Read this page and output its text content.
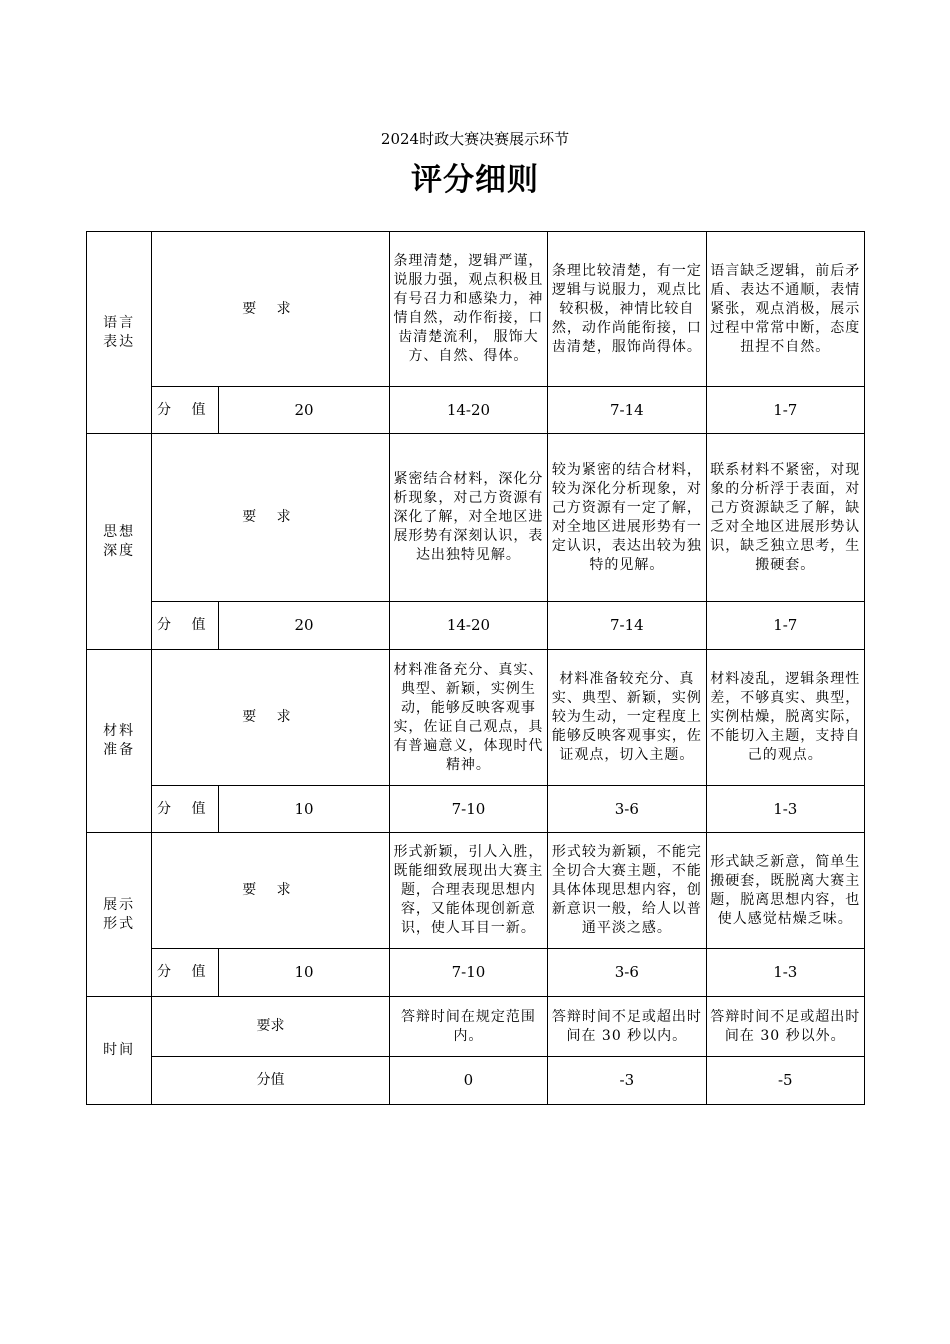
2024时政大赛决赛展示环节
评分细则
语言
表达	要 求		条理清楚，逻辑严谨，说服力强，观点积极且有号召力和感染力，神情自然，动作衔接，口齿清楚流利， 服饰大方、自然、得体。	条理比较清楚，有一定逻辑与说服力，观点比较积极，神情比较自然，动作尚能衔接，口齿清楚，服饰尚得体。	语言缺乏逻辑，前后矛盾、表达不通顺，表情紧张，观点消极，展示过程中常常中断，态度扭捏不自然。
	分 值	20	14-20	7-14	1-7
思想
深度	要 求		紧密结合材料，深化分析现象，对己方资源有深化了解，对全地区进展形势有深刻认识，表达出独特见解。	较为紧密的结合材料，较为深化分析现象，对己方资源有一定了解，对全地区进展形势有一定认识，表达出较为独特的见解。	联系材料不紧密，对现象的分析浮于表面，对己方资源缺乏了解，缺乏对全地区进展形势认识，缺乏独立思考，生搬硬套。
	分 值	20	14-20	7-14	1-7
材料
准备	要 求		材料准备充分、真实、典型、新颖，实例生动，能够反映客观事实，佐证自己观点，具有普遍意义，体现时代精神。	材料准备较充分、真实、典型、新颖，实例较为生动，一定程度上能够反映客观事实，佐证观点，切入主题。	材料凌乱，逻辑条理性差，不够真实、典型，实例枯燥，脱离实际，不能切入主题，支持自己的观点。
	分 值	10	7-10	3-6	1-3
展示
形式	要 求		形式新颖，引人入胜，既能细致展现出大赛主题，合理表现思想内容，又能体现创新意识，使人耳目一新。	形式较为新颖，不能完全切合大赛主题，不能具体体现思想内容，创新意识一般，给人以普通平淡之感。	形式缺乏新意，简单生搬硬套，既脱离大赛主题，脱离思想内容，也使人感觉枯燥乏味。
	分 值	10	7-10	3-6	1-3
时间	要求		答辩时间在规定范围内。	答辩时间不足或超出时间在 30 秒以内。	答辩时间不足或超出时间在 30 秒以外。
	分值		0	-3	-5
